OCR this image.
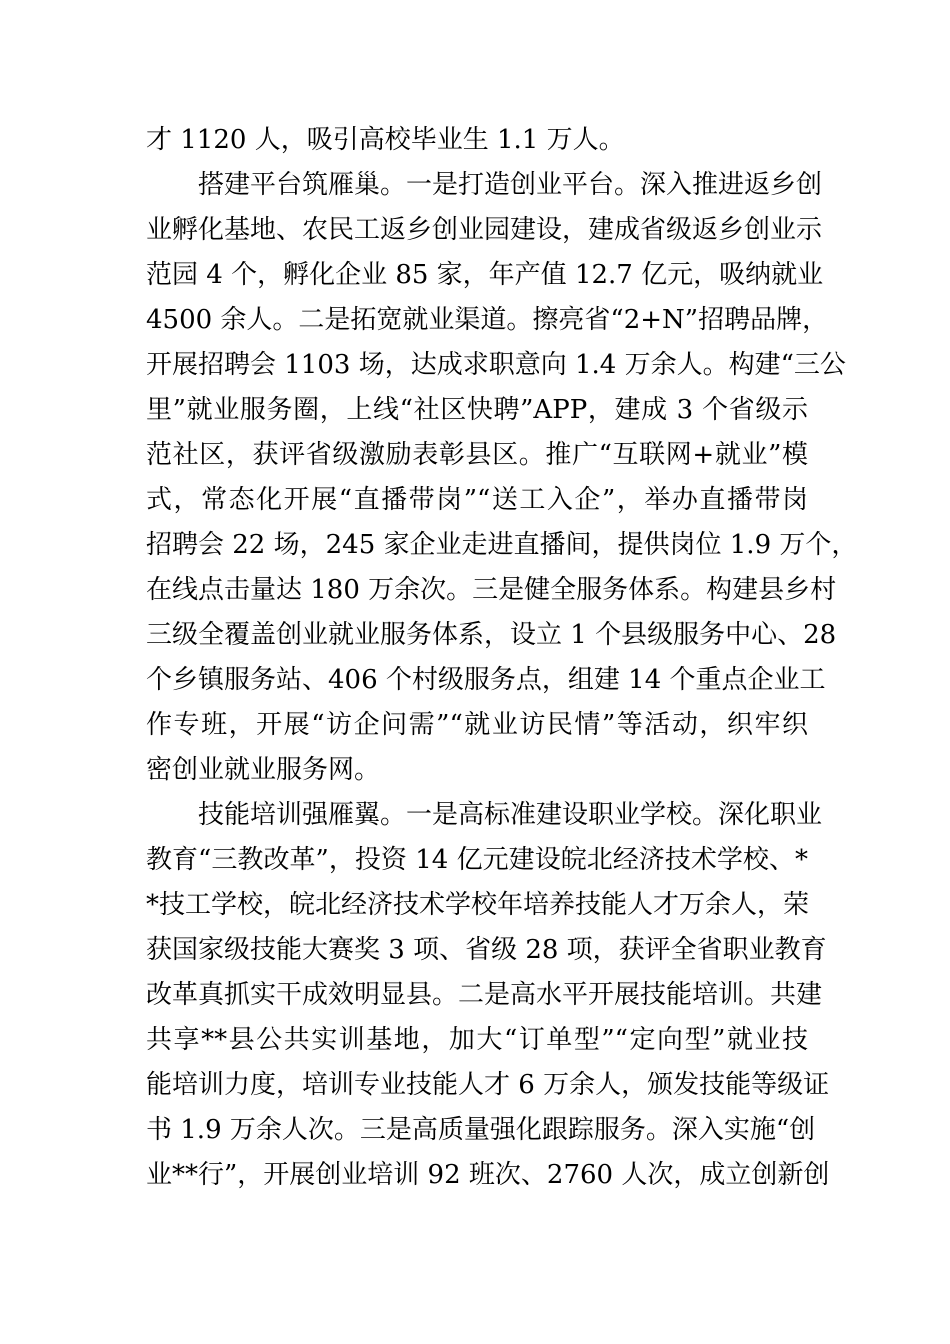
才 1120 人，吸引高校毕业生 1.1 万人。
搭建平台筑雁巢。一是打造创业平台。深入推进返乡创
业孵化基地、农民工返乡创业园建设，建成省级返乡创业示
范园 4 个，孵化企业 85 家，年产值 12.7 亿元，吸纳就业
4500 余人。二是拓宽就业渠道。擦亮省“2+N”招聘品牌，
开展招聘会 1103 场，达成求职意向 1.4 万余人。构建“三公
里”就业服务圈，上线“社区快聘”APP，建成 3 个省级示
范社区，获评省级激励表彰县区。推广“互联网+就业”模
式，常态化开展“直播带岗”“送工入企”，举办直播带岗
招聘会 22 场，245 家企业走进直播间，提供岗位 1.9 万个，
在线点击量达 180 万余次。三是健全服务体系。构建县乡村
三级全覆盖创业就业服务体系，设立 1 个县级服务中心、28
个乡镇服务站、406 个村级服务点，组建 14 个重点企业工
作专班，开展“访企问需”“就业访民情”等活动，织牢织
密创业就业服务网。
技能培训强雁翼。一是高标准建设职业学校。深化职业
教育“三教改革”，投资 14 亿元建设皖北经济技术学校、*
*技工学校，皖北经济技术学校年培养技能人才万余人，荣
获国家级技能大赛奖 3 项、省级 28 项，获评全省职业教育
改革真抓实干成效明显县。二是高水平开展技能培训。共建
共享**县公共实训基地，加大“订单型”“定向型”就业技
能培训力度，培训专业技能人才 6 万余人，颁发技能等级证
书 1.9 万余人次。三是高质量强化跟踪服务。深入实施“创
业**行”，开展创业培训 92 班次、2760 人次，成立创新创
